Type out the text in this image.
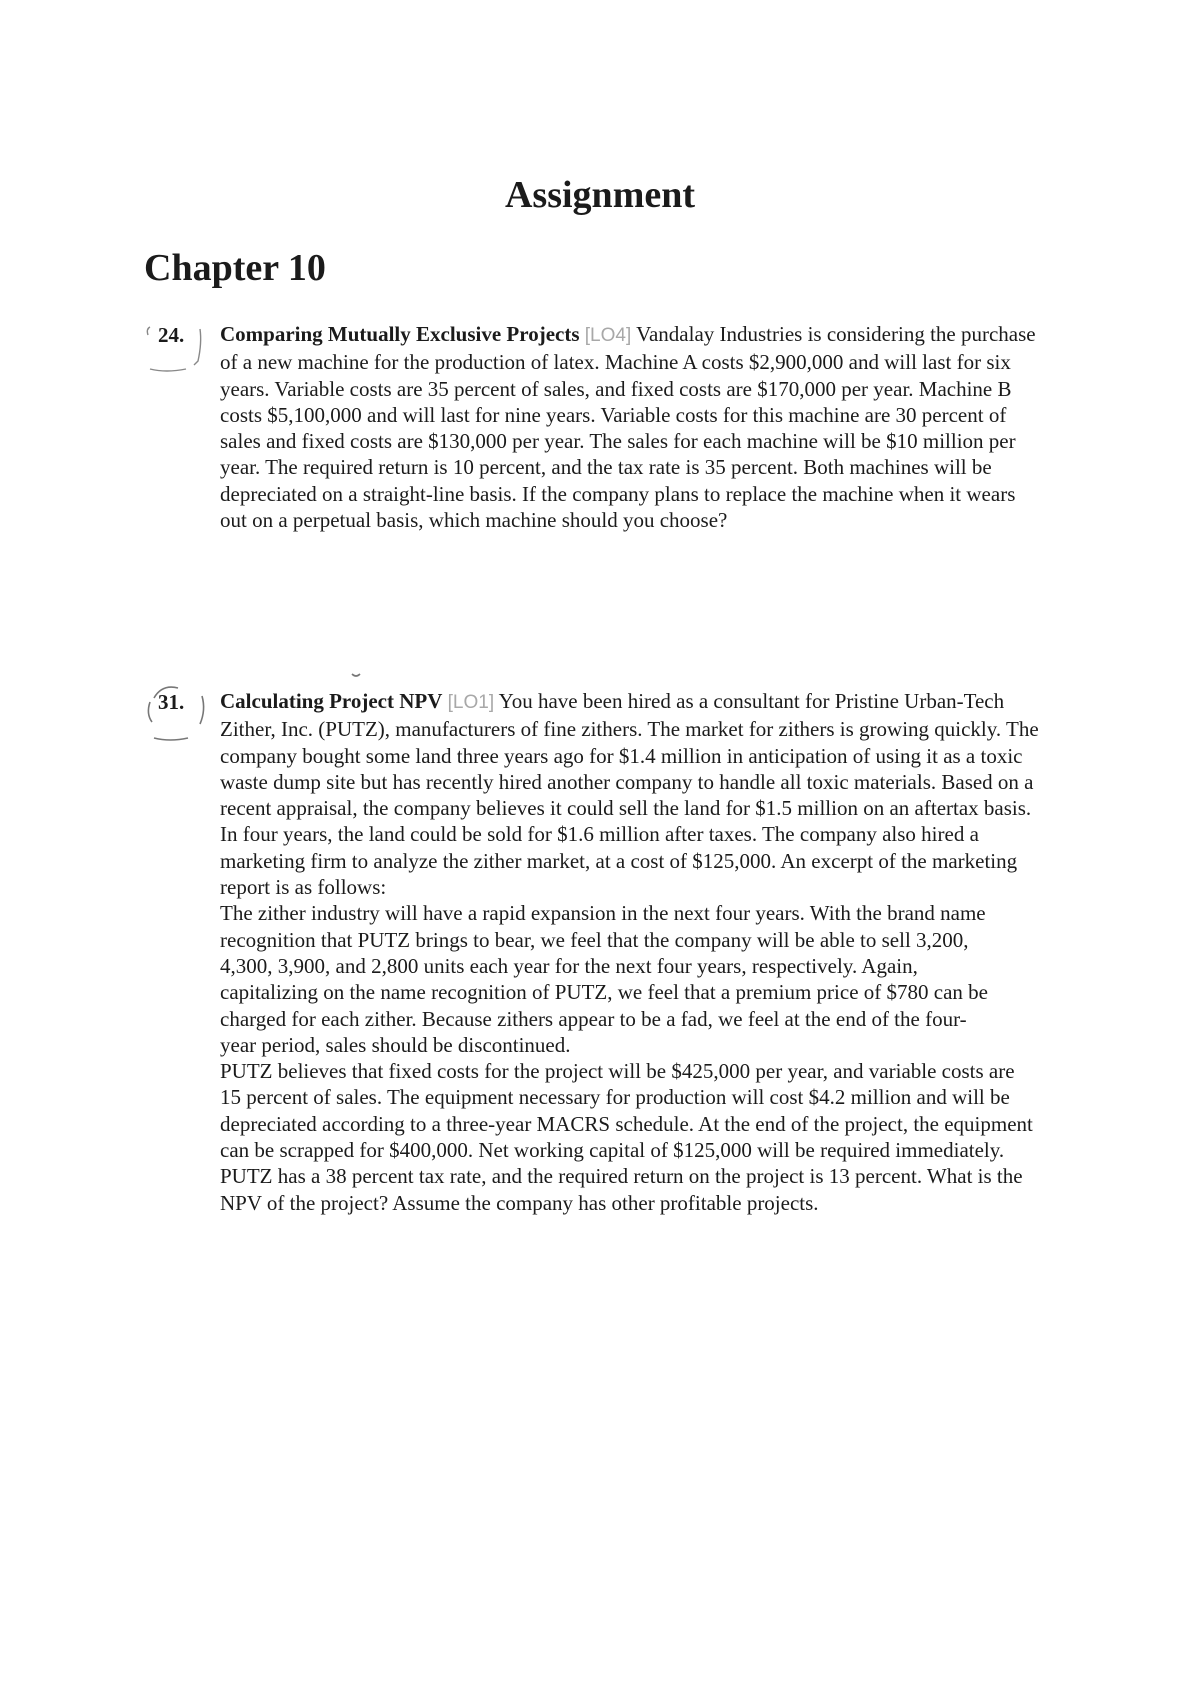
Assignment
Chapter 10
24. Comparing Mutually Exclusive Projects [LO4] Vandalay Industries is considering the purchase of a new machine for the production of latex. Machine A costs $2,900,000 and will last for six years. Variable costs are 35 percent of sales, and fixed costs are $170,000 per year. Machine B costs $5,100,000 and will last for nine years. Variable costs for this machine are 30 percent of sales and fixed costs are $130,000 per year. The sales for each machine will be $10 million per year. The required return is 10 percent, and the tax rate is 35 percent. Both machines will be depreciated on a straight-line basis. If the company plans to replace the machine when it wears out on a perpetual basis, which machine should you choose?

31. Calculating Project NPV [LO1] You have been hired as a consultant for Pristine Urban-Tech Zither, Inc. (PUTZ), manufacturers of fine zithers. The market for zithers is growing quickly. The company bought some land three years ago for $1.4 million in anticipation of using it as a toxic waste dump site but has recently hired another company to handle all toxic materials. Based on a recent appraisal, the company believes it could sell the land for $1.5 million on an aftertax basis. In four years, the land could be sold for $1.6 million after taxes. The company also hired a marketing firm to analyze the zither market, at a cost of $125,000. An excerpt of the marketing report is as follows:

The zither industry will have a rapid expansion in the next four years. With the brand name recognition that PUTZ brings to bear, we feel that the company will be able to sell 3,200, 4,300, 3,900, and 2,800 units each year for the next four years, respectively. Again, capitalizing on the name recognition of PUTZ, we feel that a premium price of $780 can be charged for each zither. Because zithers appear to be a fad, we feel at the end of the four-year period, sales should be discontinued.

PUTZ believes that fixed costs for the project will be $425,000 per year, and variable costs are 15 percent of sales. The equipment necessary for production will cost $4.2 million and will be depreciated according to a three-year MACRS schedule. At the end of the project, the equipment can be scrapped for $400,000. Net working capital of $125,000 will be required immediately. PUTZ has a 38 percent tax rate, and the required return on the project is 13 percent. What is the NPV of the project? Assume the company has other profitable projects.
